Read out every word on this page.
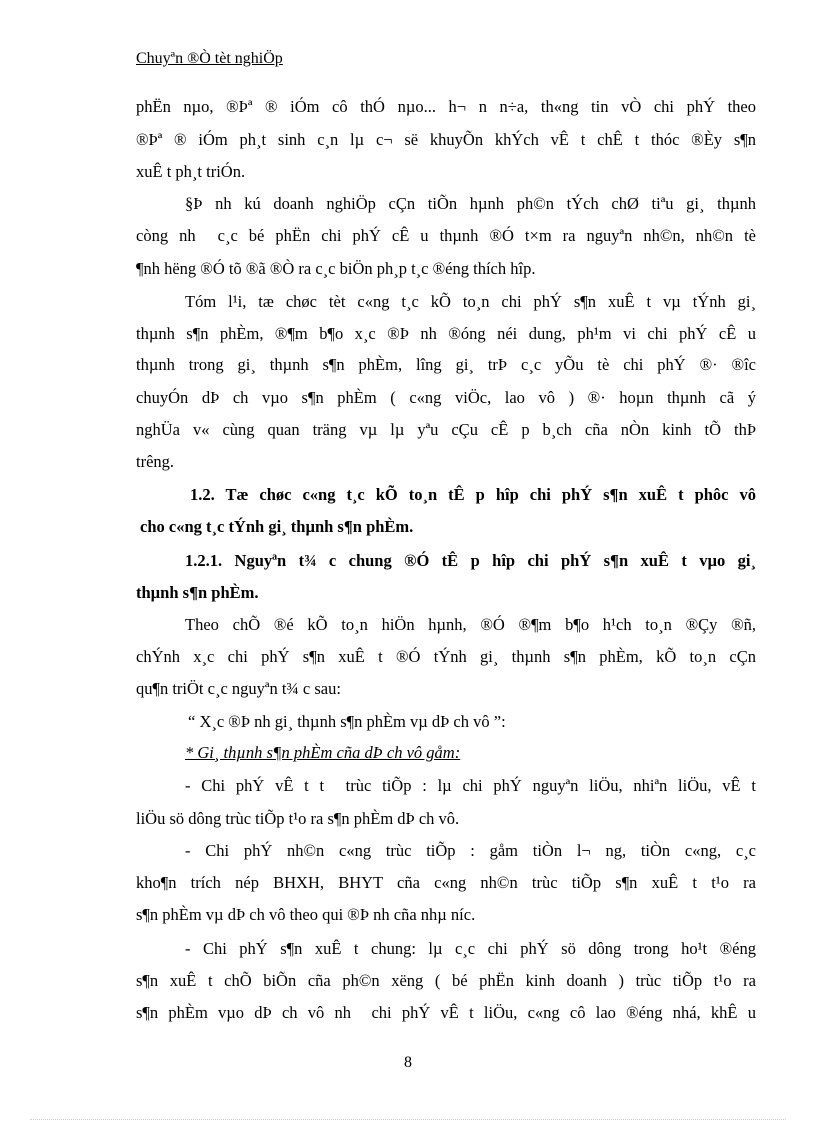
Chuyªn ®Ò tèt nghiÖp
phËn nµo, ®Þª ® iÓm cô thÓ nµo... h¬ n n÷a, th«ng tin vÒ chi phÝ theo
®Þª ® iÓm ph¸t sinh c¸n lµ c¬ së khuyÕn khÝch vÊ t chÊ t thóc ®Èy s¶n
xuÊ t ph¸t triÓn.
§Þ nh kú doanh nghiÖp cÇn tiÕn hµnh ph©n tÝch chØ tiªu gi¸ thµnh
còng nh  c¸c bé phËn chi phÝ cÊ u thµnh ®Ó t×m ra nguyªn nh©n, nh©n tè
¶nh hëng ®Ó tõ ®ã ®Ò ra c¸c biÖn ph¸p t¸c ®éng thích hîp.
Tóm l¹i, tæ chøc tèt c«ng t¸c kÕ to¸n chi phÝ s¶n xuÊ t vµ tÝnh gi¸
thµnh s¶n phÈm, ®¶m b¶o x¸c ®Þ nh ®óng néi dung, ph¹m vi chi phÝ cÊ u
thµnh trong gi¸ thµnh s¶n phÈm, lîng gi¸ trÞ c¸c yÕu tè chi phÝ ®· ®îc
chuyÓn dÞ ch vµo s¶n phÈm ( c«ng viÖc, lao vô ) ®· hoµn thµnh cã ý
nghÜa v« cùng quan träng vµ lµ yªu cÇu cÊ p b¸ch cña nÒn kinh tÕ thÞ
trêng.
1.2. Tæ chøc c«ng t¸c kÕ to¸n tÊ p hîp chi phÝ s¶n xuÊ t phôc vô
cho c«ng t¸c tÝnh gi¸ thµnh s¶n phÈm.
1.2.1. Nguyªn t¾ c chung ®Ó tÊ p hîp chi phÝ s¶n xuÊ t vµo gi¸
thµnh s¶n phÈm.
Theo chÕ ®é kÕ to¸n hiÖn hµnh, ®Ó ®¶m b¶o h¹ch to¸n ®Çy ®ñ,
chÝnh x¸c chi phÝ s¶n xuÊ t ®Ó tÝnh gi¸ thµnh s¶n phÈm, kÕ to¸n cÇn
qu¶n triÖt c¸c nguyªn t¾ c sau:
“ X¸c ®Þ nh gi¸ thµnh s¶n phÈm vµ dÞ ch vô ”:
* Gi¸ thµnh s¶n phÈm cña dÞ ch vô gåm:
- Chi phÝ vÊ t t  trùc tiÕp : lµ chi phÝ nguyªn liÖu, nhiªn liÖu, vÊ t
liÖu sö dông trùc tiÕp t¹o ra s¶n phÈm dÞ ch vô.
- Chi phÝ nh©n c«ng trùc tiÕp : gåm tiÒn l¬ ng, tiÒn c«ng, c¸c
kho¶n trích nép BHXH, BHYT cña c«ng nh©n trùc tiÕp s¶n xuÊ t t¹o ra
s¶n phÈm vµ dÞ ch vô theo qui ®Þ nh cña nhµ níc.
- Chi phÝ s¶n xuÊ t chung: lµ c¸c chi phÝ sö dông trong ho¹t ®éng
s¶n xuÊ t chÕ biÕn cña ph©n xëng ( bé phËn kinh doanh ) trùc tiÕp t¹o ra
s¶n phÈm vµo dÞ ch vô nh  chi phÝ vÊ t liÖu, c«ng cô lao ®éng nhá, khÊ u
8
